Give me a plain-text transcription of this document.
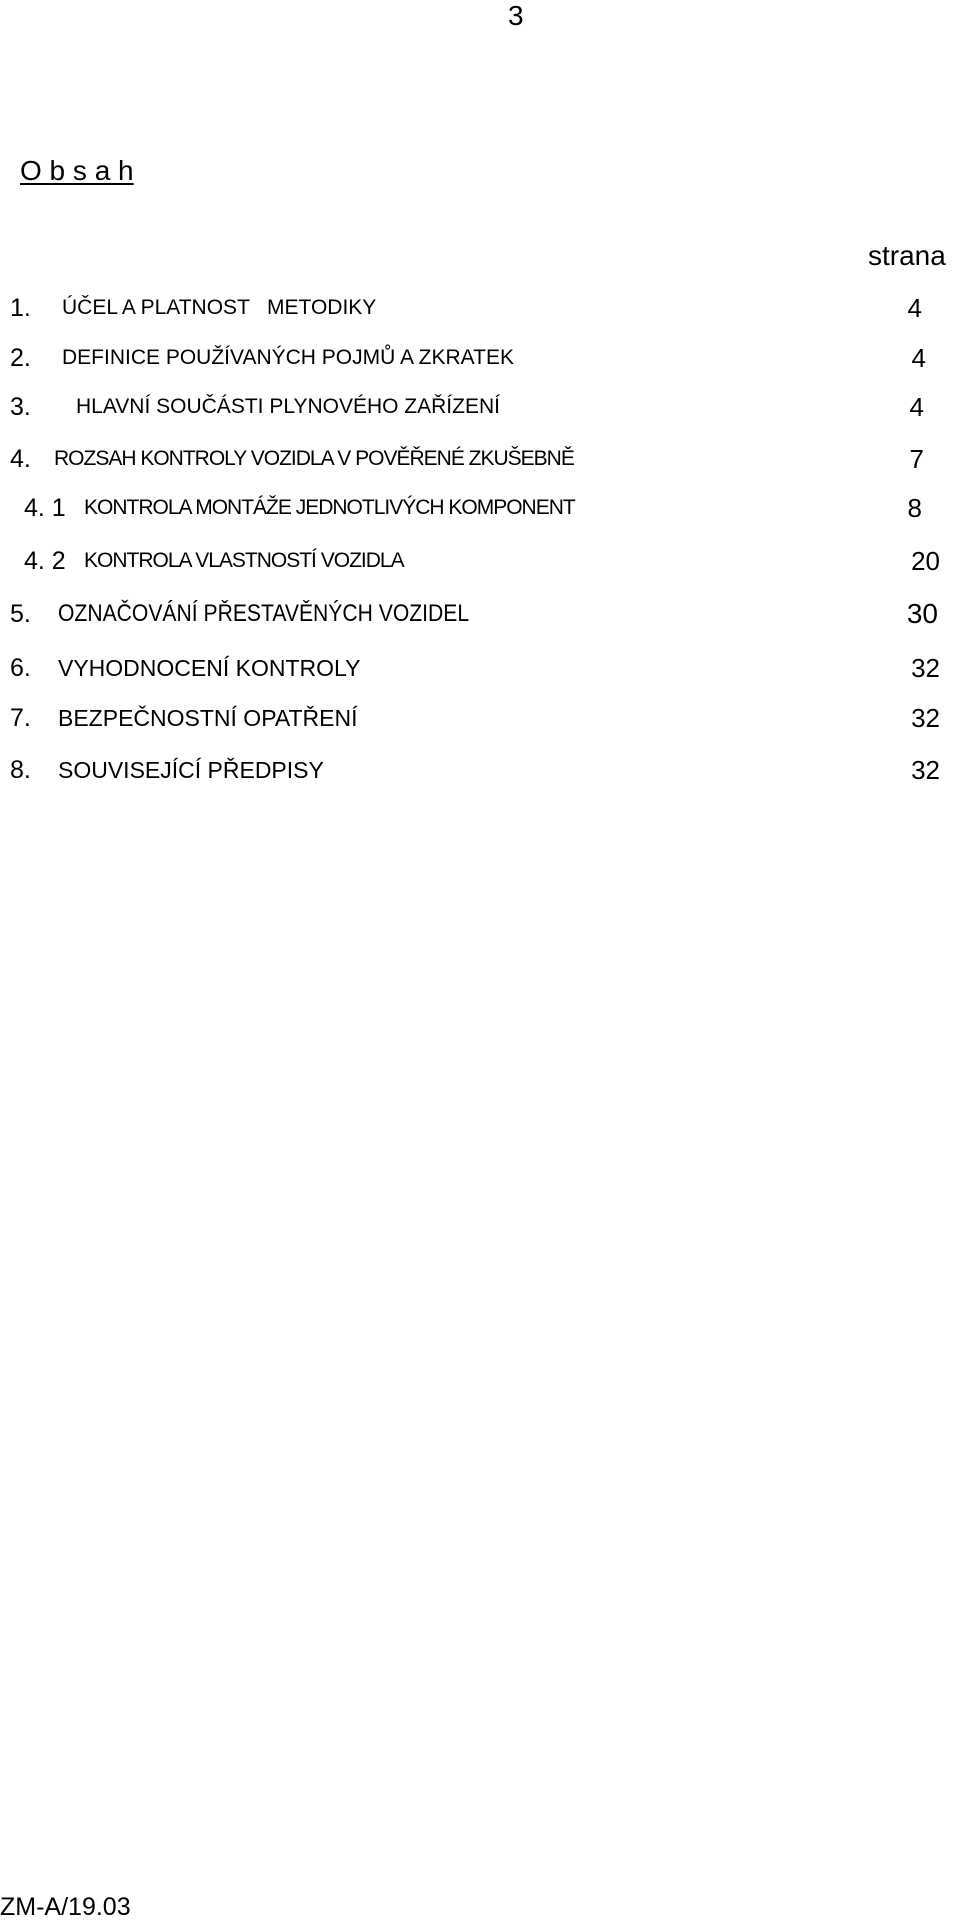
3
O b s a h
strana
1. ÚČEL A PLATNOST   METODIKY	4
2. DEFINICE POUŽÍVANÝCH POJMŮ A ZKRATEK	4
3. HLAVNÍ SOUČÁSTI PLYNOVÉHO ZAŘÍZENÍ	4
4. ROZSAH KONTROLY VOZIDLA V POVĚŘENÉ ZKUŠEBNĚ	7
4. 1 KONTROLA MONTÁŽE JEDNOTLIVÝCH KOMPONENT	8
4. 2 KONTROLA VLASTNOSTÍ VOZIDLA	20
5. OZNAČOVÁNÍ PŘESTAVĚNÝCH VOZIDEL	30
6. VYHODNOCENÍ KONTROLY	32
7. BEZPEČNOSTNÍ OPATŘENÍ	32
8. SOUVISEJÍCÍ PŘEDPISY	32
ZM-A/19.03
